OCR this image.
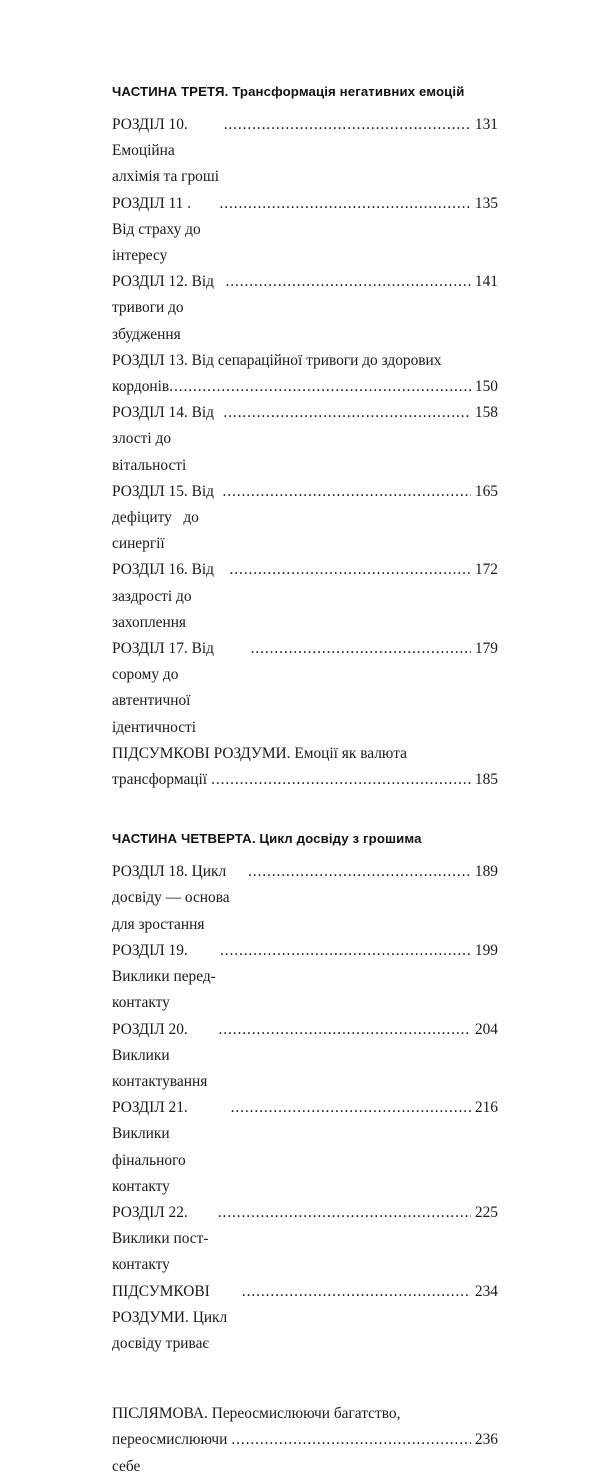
ЧАСТИНА ТРЕТЯ. Трансформація негативних емоцій
РОЗДІЛ 10. Емоційна алхімія та гроші
.....
131
РОЗДІЛ 11 . Від страху до інтересу
.....
135
РОЗДІЛ 12. Від тривоги до збудження
.....
141
РОЗДІЛ 13. Від сепараційної тривоги до здорових
кордонів .....	150
РОЗДІЛ 14. Від злості до вітальності
.....
158
РОЗДІЛ 15. Від дефіциту   до синергії
.....
165
РОЗДІЛ 16. Від заздрості до захоплення
.....
172
РОЗДІЛ 17. Від сорому до автентичної ідентичності
.....
179
ПІДСУМКОВІ РОЗДУМИ. Емоції як валюта
трансформації .....	185
ЧАСТИНА ЧЕТВЕРТА. Цикл досвіду з грошима
РОЗДІЛ 18. Цикл досвіду — основа для зростання
.....
189
РОЗДІЛ 19. Виклики перед-контакту
.....
199
РОЗДІЛ 20. Виклики контактування
.....
204
РОЗДІЛ 21. Виклики фінального контакту
.....
216
РОЗДІЛ 22. Виклики пост-контакту
.....
225
ПІДСУМКОВІ РОЗДУМИ. Цикл досвіду триває
.....
234
ПІСЛЯМОВА. Переосмислюючи багатство,
переосмислюючи себе
.....
236
